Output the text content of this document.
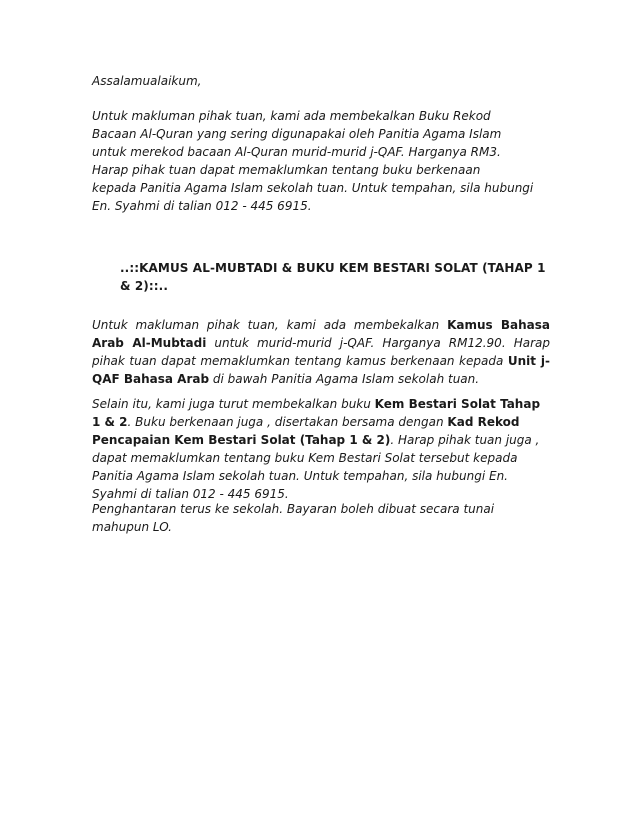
Assalamualaikum,

Untuk makluman pihak tuan, kami ada membekalkan Buku Rekod

Bacaan Al-Quran yang sering digunapakai oleh Panitia Agama Islam

untuk merekod bacaan Al-Quran murid-murid j-QAF. Harganya RM3.

Harap pihak tuan dapat memaklumkan tentang buku berkenaan

kepada Panitia Agama Islam sekolah tuan. Untuk tempahan, sila hubungi

En. Syahmi di talian 012 - 445 6915.

..::KAMUS AL-MUBTADI & BUKU KEM BESTARI SOLAT (TAHAP 1 & 2)::..
Untuk makluman pihak tuan, kami ada membekalkan Kamus Bahasa Arab Al-Mubtadi untuk murid-murid j-QAF. Harganya RM12.90. Harap pihak tuan dapat memaklumkan tentang kamus berkenaan kepada Unit j-QAF Bahasa Arab di bawah Panitia Agama Islam sekolah tuan.
Selain itu, kami juga turut membekalkan buku Kem Bestari Solat Tahap 1 & 2. Buku berkenaan juga , disertakan bersama dengan Kad Rekod Pencapaian Kem Bestari Solat (Tahap 1 & 2). Harap pihak tuan juga , dapat memaklumkan tentang buku Kem Bestari Solat tersebut kepada Panitia Agama Islam sekolah tuan. Untuk tempahan, sila hubungi En. Syahmi di talian 012 - 445 6915.

Penghantaran terus ke sekolah. Bayaran boleh dibuat secara tunai

mahupun LO.
